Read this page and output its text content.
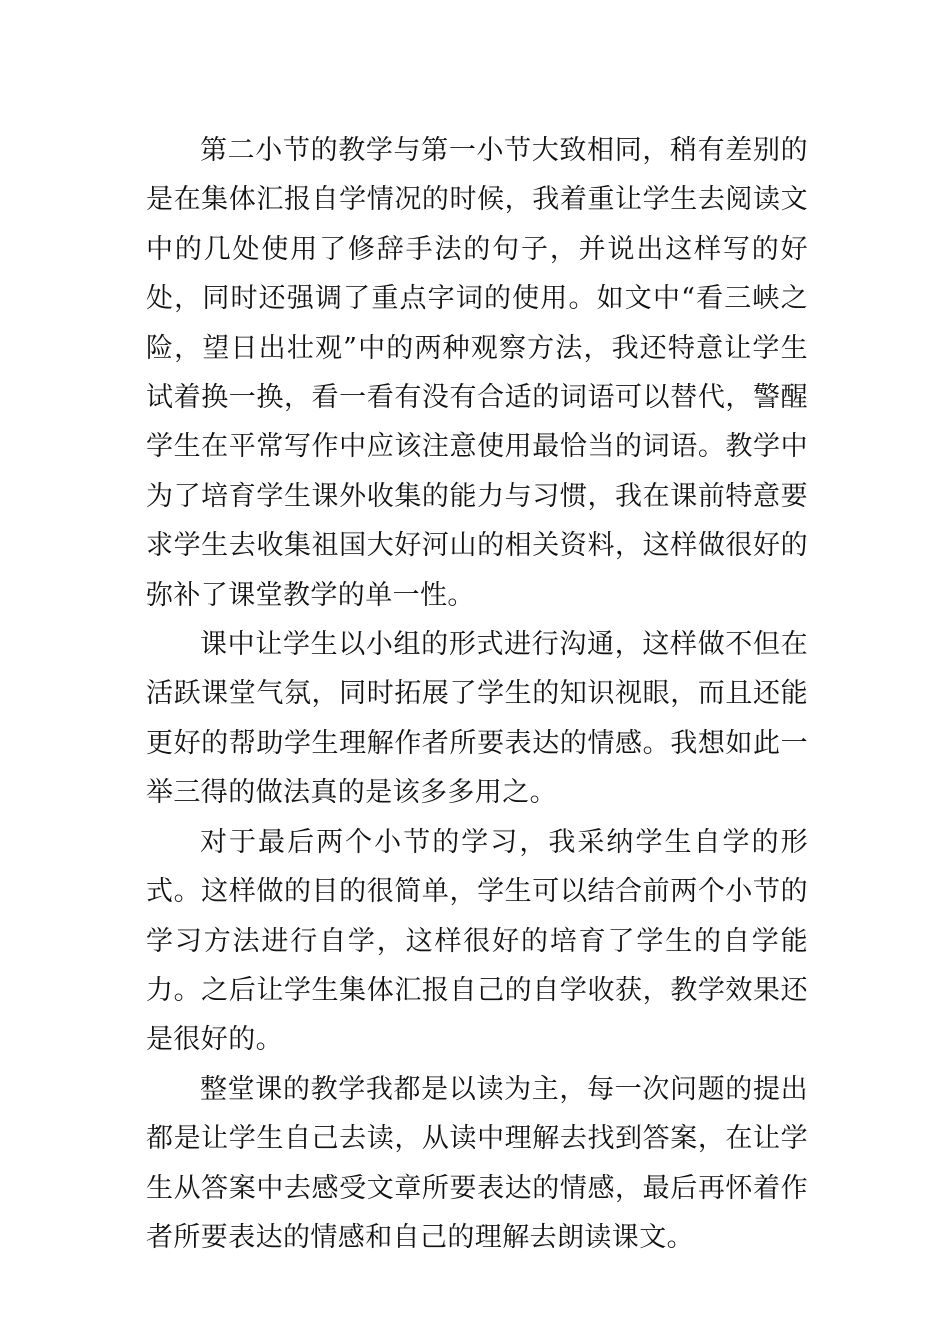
第二小节的教学与第一小节大致相同，稍有差别的是在集体汇报自学情况的时候，我着重让学生去阅读文中的几处使用了修辞手法的句子，并说出这样写的好处，同时还强调了重点字词的使用。如文中“看三峡之险，望日出壮观”中的两种观察方法，我还特意让学生试着换一换，看一看有没有合适的词语可以替代，警醒学生在平常写作中应该注意使用最恰当的词语。教学中为了培育学生课外收集的能力与习惯，我在课前特意要求学生去收集祖国大好河山的相关资料，这样做很好的弥补了课堂教学的单一性。

课中让学生以小组的形式进行沟通，这样做不但在活跃课堂气氛，同时拓展了学生的知识视眼，而且还能更好的帮助学生理解作者所要表达的情感。我想如此一举三得的做法真的是该多多用之。

对于最后两个小节的学习，我采纳学生自学的形式。这样做的目的很简单，学生可以结合前两个小节的学习方法进行自学，这样很好的培育了学生的自学能力。之后让学生集体汇报自己的自学收获，教学效果还是很好的。

整堂课的教学我都是以读为主，每一次问题的提出都是让学生自己去读，从读中理解去找到答案，在让学生从答案中去感受文章所要表达的情感，最后再怀着作者所要表达的情感和自己的理解去朗读课文。
